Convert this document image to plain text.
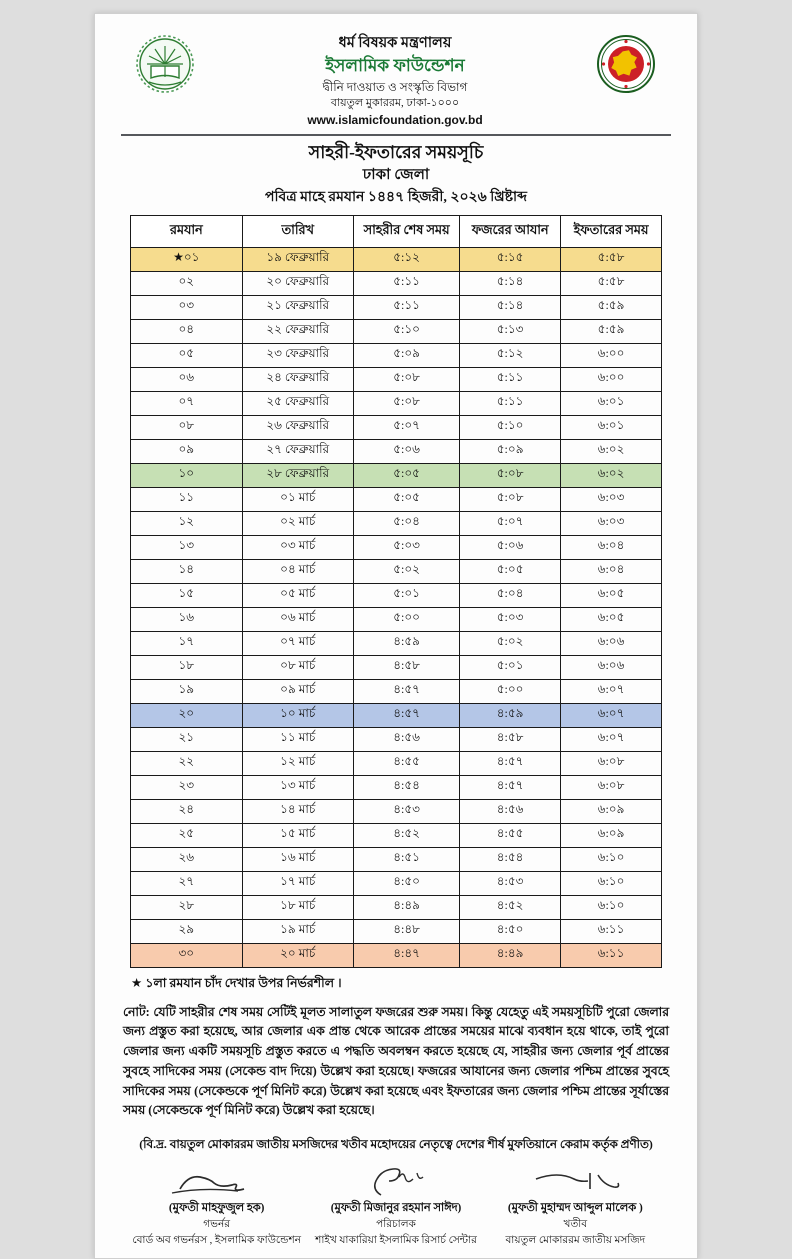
ধর্ম বিষয়ক মন্ত্রণালয়
ইসলামিক ফাউন্ডেশন
দ্বীনি দাওয়াত ও সংস্কৃতি বিভাগ
বায়তুল মুকাররম, ঢাকা-১০০০
www.islamicfoundation.gov.bd
সাহরী-ইফতারের সময়সূচি
ঢাকা জেলা
পবিত্র মাহে রমযান ১৪৪৭ হিজরী, ২০২৬ খ্রিষ্টাব্দ
রমযান	তারিখ	সাহরীর শেষ সময়	ফজরের আযান	ইফতারের সময়
★০১	১৯ ফেব্রুয়ারি	৫:১২	৫:১৫	৫:৫৮
০২	২০ ফেব্রুয়ারি	৫:১১	৫:১৪	৫:৫৮
০৩	২১ ফেব্রুয়ারি	৫:১১	৫:১৪	৫:৫৯
০৪	২২ ফেব্রুয়ারি	৫:১০	৫:১৩	৫:৫৯
০৫	২৩ ফেব্রুয়ারি	৫:০৯	৫:১২	৬:০০
০৬	২৪ ফেব্রুয়ারি	৫:০৮	৫:১১	৬:০০
০৭	২৫ ফেব্রুয়ারি	৫:০৮	৫:১১	৬:০১
০৮	২৬ ফেব্রুয়ারি	৫:০৭	৫:১০	৬:০১
০৯	২৭ ফেব্রুয়ারি	৫:০৬	৫:০৯	৬:০২
১০	২৮ ফেব্রুয়ারি	৫:০৫	৫:০৮	৬:০২
১১	০১ মার্চ	৫:০৫	৫:০৮	৬:০৩
১২	০২ মার্চ	৫:০৪	৫:০৭	৬:০৩
১৩	০৩ মার্চ	৫:০৩	৫:০৬	৬:০৪
১৪	০৪ মার্চ	৫:০২	৫:০৫	৬:০৪
১৫	০৫ মার্চ	৫:০১	৫:০৪	৬:০৫
১৬	০৬ মার্চ	৫:০০	৫:০৩	৬:০৫
১৭	০৭ মার্চ	৪:৫৯	৫:০২	৬:০৬
১৮	০৮ মার্চ	৪:৫৮	৫:০১	৬:০৬
১৯	০৯ মার্চ	৪:৫৭	৫:০০	৬:০৭
২০	১০ মার্চ	৪:৫৭	৪:৫৯	৬:০৭
২১	১১ মার্চ	৪:৫৬	৪:৫৮	৬:০৭
২২	১২ মার্চ	৪:৫৫	৪:৫৭	৬:০৮
২৩	১৩ মার্চ	৪:৫৪	৪:৫৭	৬:০৮
২৪	১৪ মার্চ	৪:৫৩	৪:৫৬	৬:০৯
২৫	১৫ মার্চ	৪:৫২	৪:৫৫	৬:০৯
২৬	১৬ মার্চ	৪:৫১	৪:৫৪	৬:১০
২৭	১৭ মার্চ	৪:৫০	৪:৫৩	৬:১০
২৮	১৮ মার্চ	৪:৪৯	৪:৫২	৬:১০
২৯	১৯ মার্চ	৪:৪৮	৪:৫০	৬:১১
৩০	২০ মার্চ	৪:৪৭	৪:৪৯	৬:১১
★ ১লা রমযান চাঁদ দেখার উপর নির্ভরশীল ।
নোট: যেটি সাহরীর শেষ সময় সেটিই মূলত সালাতুল ফজরের শুরু সময়। কিন্তু যেহেতু এই সময়সূচিটি পুরো জেলার জন্য প্রস্তুত করা হয়েছে, আর জেলার এক প্রান্ত থেকে আরেক প্রান্তের সময়ের মাঝে ব্যবধান হয়ে থাকে, তাই পুরো জেলার জন্য একটি সময়সূচি প্রস্তুত করতে এ পদ্ধতি অবলম্বন করতে হয়েছে যে, সাহরীর জন্য জেলার পূর্ব প্রান্তের সুবহে সাদিকের সময় (সেকেন্ড বাদ দিয়ে) উল্লেখ করা হয়েছে। ফজরের আযানের জন্য জেলার পশ্চিম প্রান্তের সুবহে সাদিকের সময় (সেকেন্ডকে পূর্ণ মিনিট করে) উল্লেখ করা হয়েছে এবং ইফতারের জন্য জেলার পশ্চিম প্রান্তের সূর্যাস্তের সময় (সেকেন্ডকে পূর্ণ মিনিট করে) উল্লেখ করা হয়েছে।
(বি.দ্র. বায়তুল মোকাররম জাতীয় মসজিদের খতীব মহোদয়ের নেতৃত্বে দেশের শীর্ষ মুফতিয়ানে কেরাম কর্তৃক প্রণীত)
(মুফতী মাহফুজুল হক)
গভর্নর
বোর্ড অব গভর্নরস , ইসলামিক ফাউন্ডেশন
(মুফতী মিজানুর রহমান সাঈদ)
পরিচালক
শাইখ যাকারিয়া ইসলামিক রিসার্চ সেন্টার
(মুফতী মুহাম্মদ আব্দুল মালেক )
খতীব
বায়তুল মোকাররম জাতীয় মসজিদ
